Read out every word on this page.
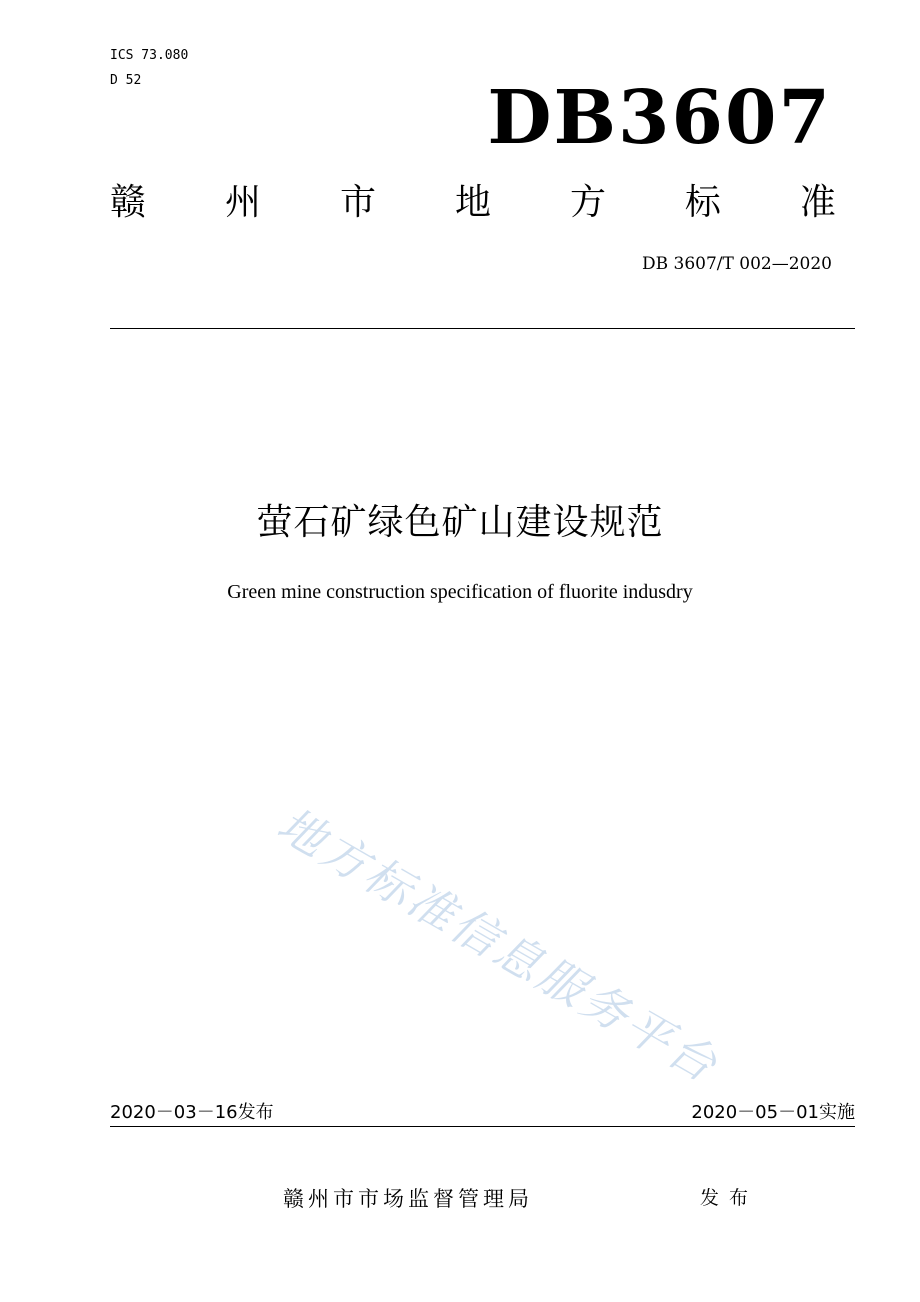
ICS 73.080
D 52	DB3607
赣 州 市 地 方 标 准
DB 3607/T 002—2020
萤石矿绿色矿山建设规范
Green mine construction specification of fluorite indusdry
地方标准信息服务平台
2020－03－16发布	2020－05－01实施
赣州市市场监督管理局	发布
